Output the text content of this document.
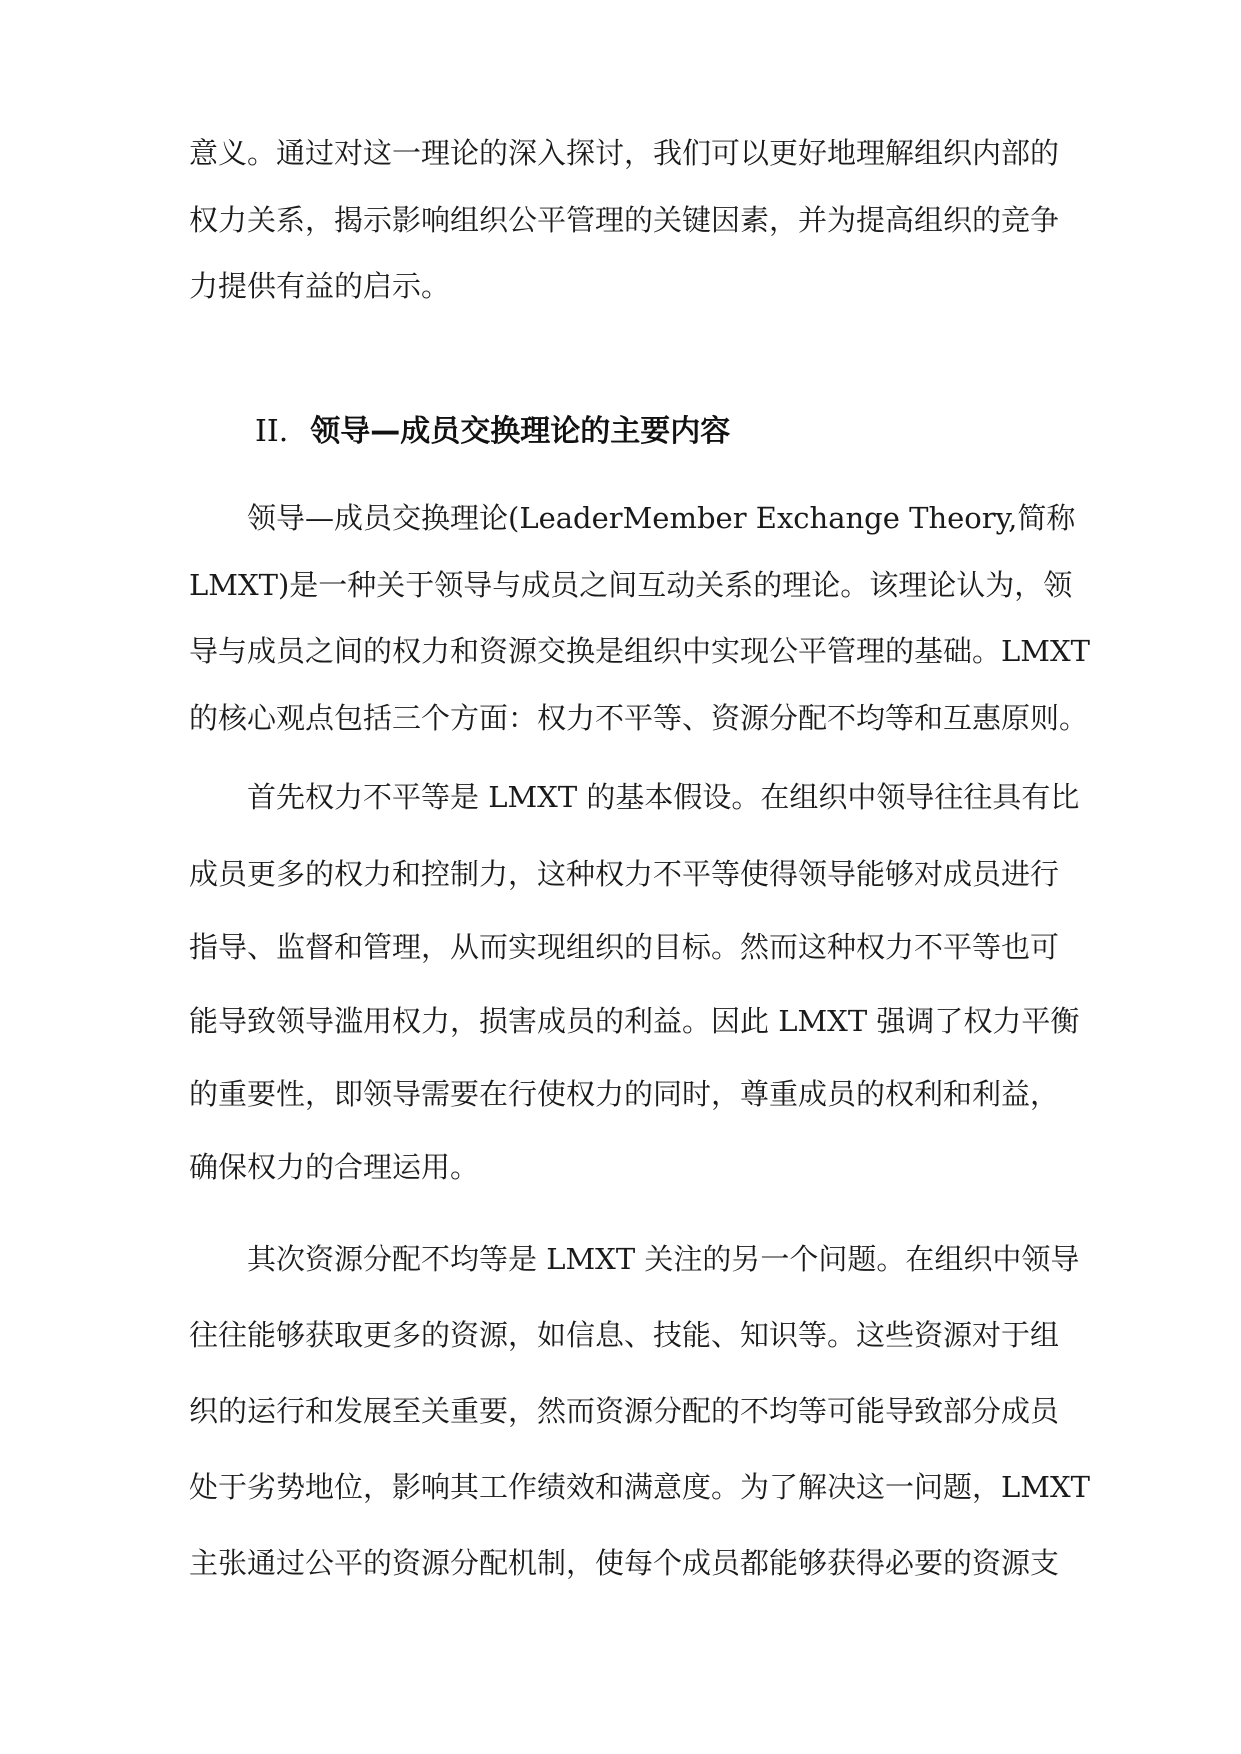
意义。通过对这一理论的深入探讨，我们可以更好地理解组织内部的
权力关系，揭示影响组织公平管理的关键因素，并为提高组织的竞争
力提供有益的启示。
II. 领导—成员交换理论的主要内容
领导—成员交换理论(LeaderMember Exchange Theory,简称
LMXT)是一种关于领导与成员之间互动关系的理论。该理论认为，领
导与成员之间的权力和资源交换是组织中实现公平管理的基础。LMXT
的核心观点包括三个方面：权力不平等、资源分配不均等和互惠原则。
首先权力不平等是 LMXT 的基本假设。在组织中领导往往具有比
成员更多的权力和控制力，这种权力不平等使得领导能够对成员进行
指导、监督和管理，从而实现组织的目标。然而这种权力不平等也可
能导致领导滥用权力，损害成员的利益。因此 LMXT 强调了权力平衡
的重要性，即领导需要在行使权力的同时，尊重成员的权利和利益，
确保权力的合理运用。
其次资源分配不均等是 LMXT 关注的另一个问题。在组织中领导
往往能够获取更多的资源，如信息、技能、知识等。这些资源对于组
织的运行和发展至关重要，然而资源分配的不均等可能导致部分成员
处于劣势地位，影响其工作绩效和满意度。为了解决这一问题，LMXT
主张通过公平的资源分配机制，使每个成员都能够获得必要的资源支
